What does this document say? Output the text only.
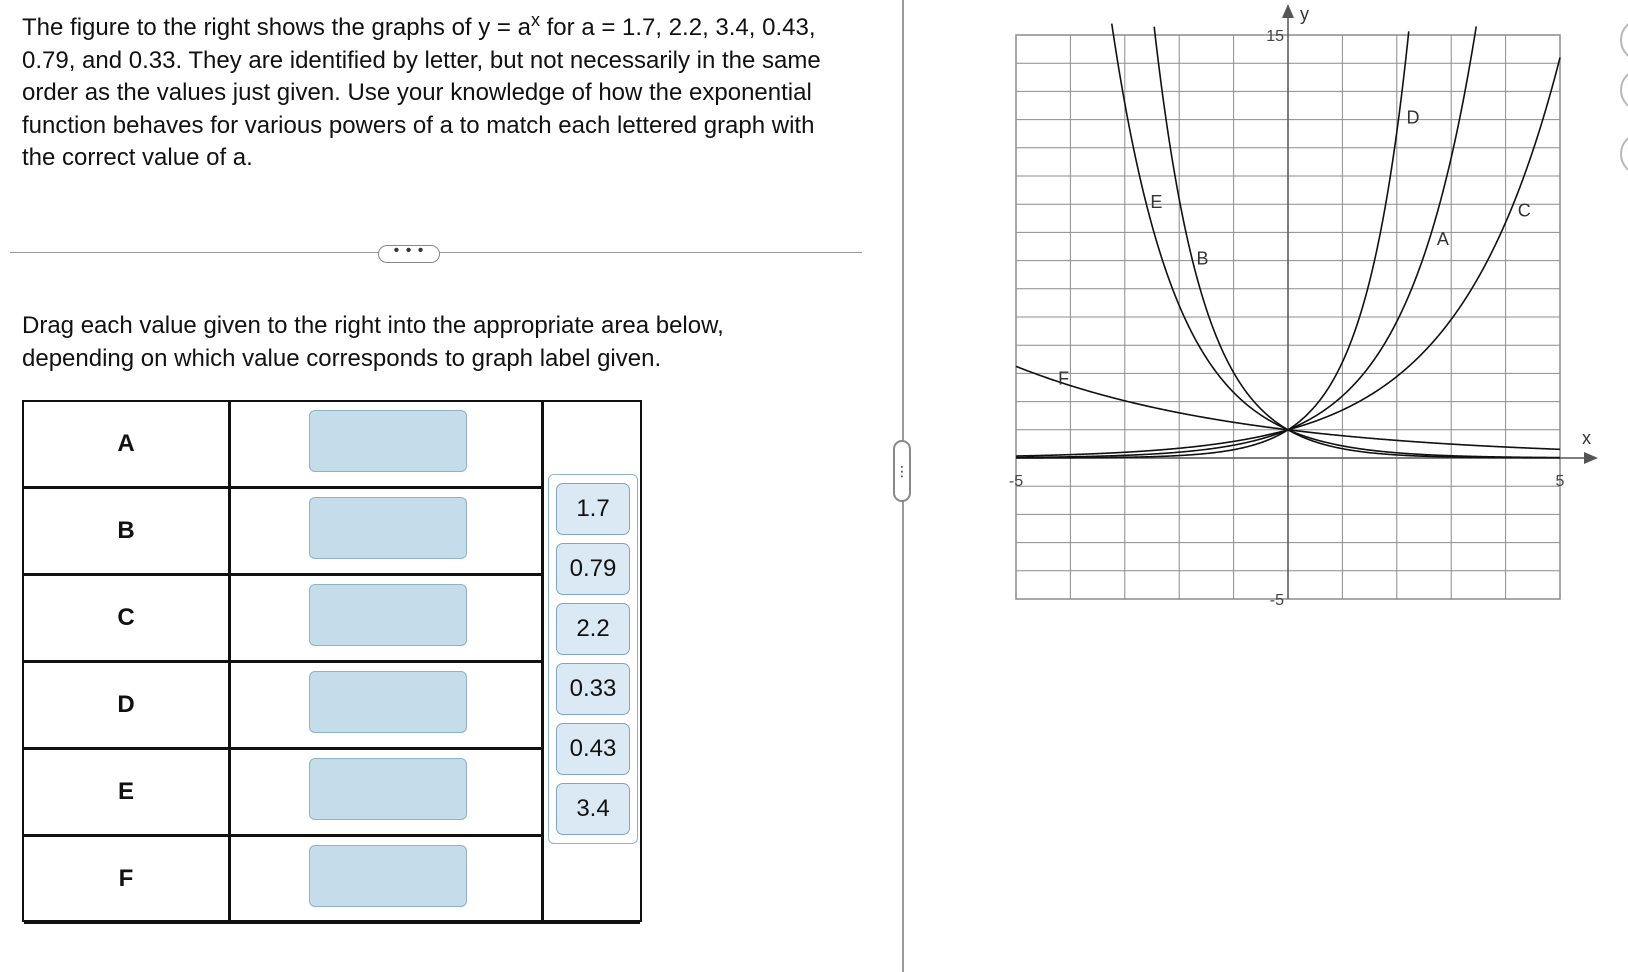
The figure to the right shows the graphs of $y = a^x$ for a = 1.7, 2.2, 3.4, 0.43, 0.79, and 0.33. They are identified by letter, but not necessarily in the same order as the values just given. Use your knowledge of how the exponential function behaves for various powers of a to match each lettered graph with the correct value of a.

• • •

Drag each value given to the right into the appropriate area below, depending on which value corresponds to graph label given.

A
B
C
D
E
F
1.7
0.79
2.2
0.33
0.43
3.4
⋮
x
y
-5	5
-5
15
A
B
C
D
E
F
